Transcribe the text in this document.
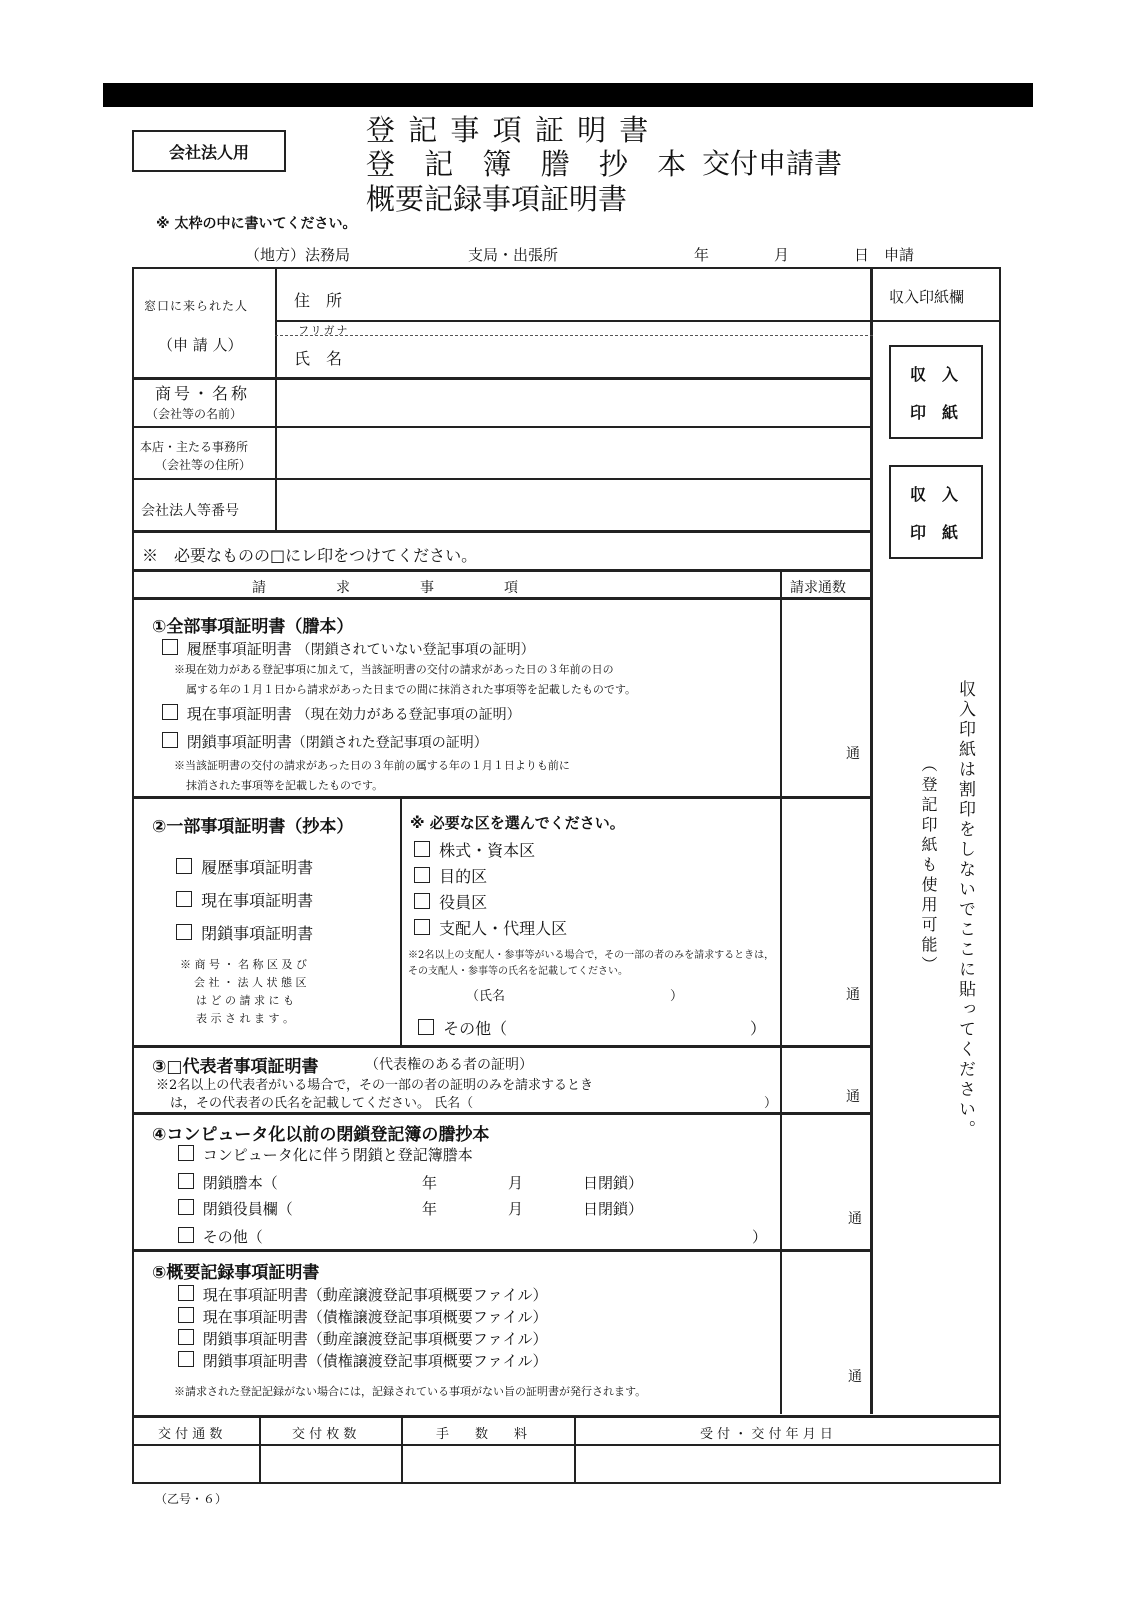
会社法人用
登 記 事 項 証 明 書
登 記 簿 謄 抄 本 交付申請書
概要記録事項証明書
※ 太枠の中に書いてください。
（地方）法務局	支局・出張所	年	月	日 申請
窓口に来られた人
（申 請 人）
住　所
フリガナ
氏　名
商号・名称
（会社等の名前）
本店・主たる事務所
（会社等の住所）
会社法人等番号
収入印紙欄
収　入
印　紙
収　入
印　紙
収入印紙は割印をしないでここに貼ってください。
（登記印紙も使用可能）
※　必要なものの□にレ印をつけてください。
請　　　　　求　　　　　事　　　　　項	請求通数
①全部事項証明書（謄本）
履歴事項証明書 （閉鎖されていない登記事項の証明）
※現在効力がある登記事項に加えて，当該証明書の交付の請求があった日の３年前の日の
属する年の１月１日から請求があった日までの間に抹消された事項等を記載したものです。
現在事項証明書 （現在効力がある登記事項の証明）
閉鎖事項証明書（閉鎖された登記事項の証明）
※当該証明書の交付の請求があった日の３年前の属する年の１月１日よりも前に
抹消された事項等を記載したものです。
通
②一部事項証明書（抄本）
履歴事項証明書
現在事項証明書
閉鎖事項証明書
※ 商 号 ・ 名 称 区 及 び
会 社 ・ 法 人 状 態 区
は ど の 請 求 に も
表 示 さ れ ま す 。
※ 必要な区を選んでください。
株式・資本区
目的区
役員区
支配人・代理人区
※2名以上の支配人・参事等がいる場合で，その一部の者のみを請求するときは，
その支配人・参事等の氏名を記載してください。
（氏名	）
その他（	）
通
③□代表者事項証明書	（代表権のある者の証明）
※2名以上の代表者がいる場合で，その一部の者の証明のみを請求するとき
は，その代表者の氏名を記載してください。 氏名（	）	通
④コンピュータ化以前の閉鎖登記簿の謄抄本
コンピュータ化に伴う閉鎖と登記簿謄本
閉鎖謄本（	年	月	日閉鎖）
閉鎖役員欄（	年	月	日閉鎖）
その他（	）
通
⑤概要記録事項証明書
現在事項証明書（動産譲渡登記事項概要ファイル）
現在事項証明書（債権譲渡登記事項概要ファイル）
閉鎖事項証明書（動産譲渡登記事項概要ファイル）
閉鎖事項証明書（債権譲渡登記事項概要ファイル）
※請求された登記記録がない場合には，記録されている事項がない旨の証明書が発行されます。
通
交 付 通 数	交 付 枚 数	手　　数　　料	受 付 ・ 交 付 年 月 日
（乙号・６）
